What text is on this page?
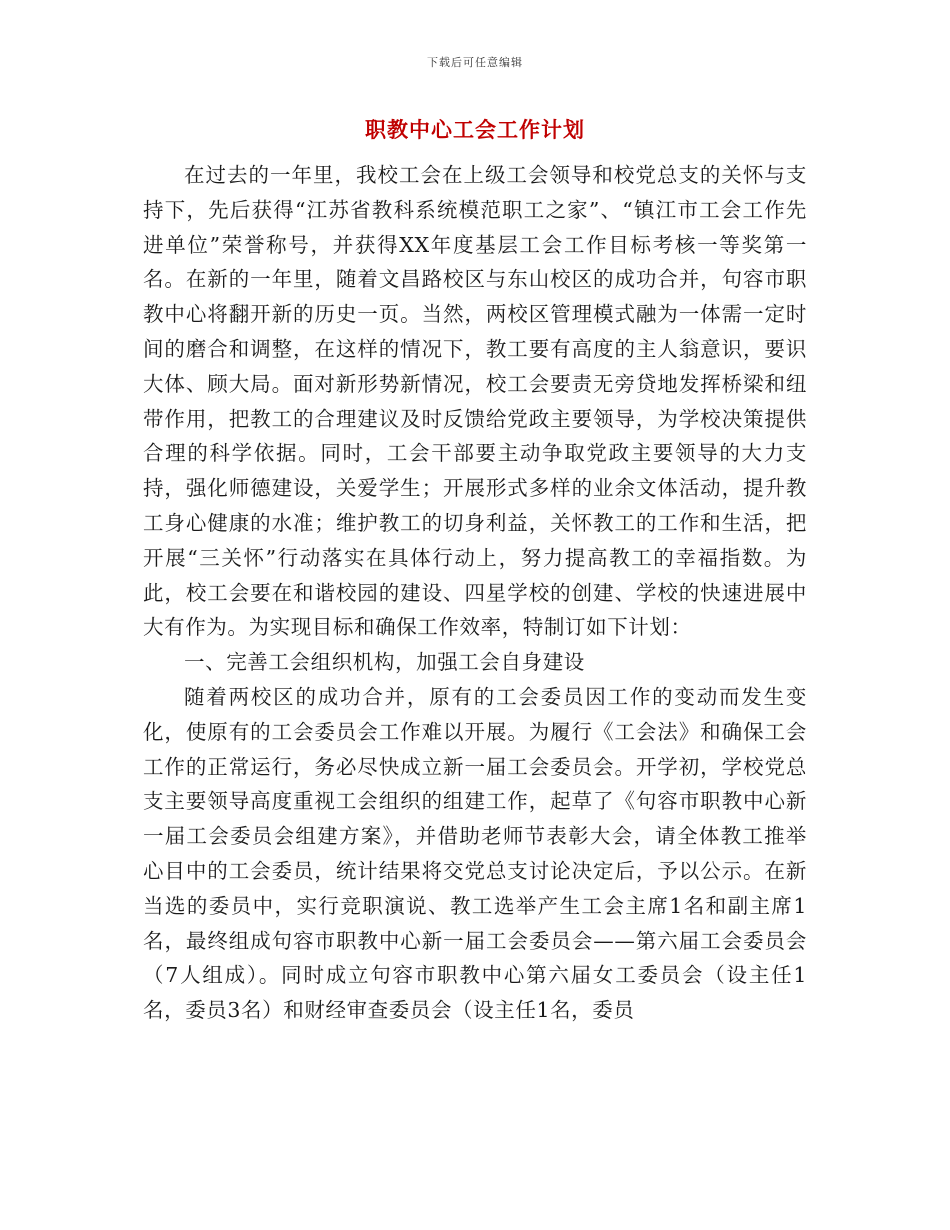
下载后可任意编辑
职教中心工会工作计划

在过去的一年里，我校工会在上级工会领导和校党总支的关怀与支持下，先后获得“江苏省教科系统模范职工之家”、“镇江市工会工作先进单位”荣誉称号，并获得XX年度基层工会工作目标考核一等奖第一名。在新的一年里，随着文昌路校区与东山校区的成功合并，句容市职教中心将翻开新的历史一页。当然，两校区管理模式融为一体需一定时间的磨合和调整，在这样的情况下，教工要有高度的主人翁意识，要识大体、顾大局。面对新形势新情况，校工会要责无旁贷地发挥桥梁和纽带作用，把教工的合理建议及时反馈给党政主要领导，为学校决策提供合理的科学依据。同时，工会干部要主动争取党政主要领导的大力支持，强化师德建设，关爱学生；开展形式多样的业余文体活动，提升教工身心健康的水准；维护教工的切身利益，关怀教工的工作和生活，把开展“三关怀”行动落实在具体行动上，努力提高教工的幸福指数。为此，校工会要在和谐校园的建设、四星学校的创建、学校的快速进展中大有作为。为实现目标和确保工作效率，特制订如下计划：

一、完善工会组织机构，加强工会自身建设

随着两校区的成功合并，原有的工会委员因工作的变动而发生变化，使原有的工会委员会工作难以开展。为履行《工会法》和确保工会工作的正常运行，务必尽快成立新一届工会委员会。开学初，学校党总支主要领导高度重视工会组织的组建工作，起草了《句容市职教中心新一届工会委员会组建方案》，并借助老师节表彰大会，请全体教工推举心目中的工会委员，统计结果将交党总支讨论决定后，予以公示。在新当选的委员中，实行竞职演说、教工选举产生工会主席1名和副主席1名，最终组成句容市职教中心新一届工会委员会——第六届工会委员会（7人组成）。同时成立句容市职教中心第六届女工委员会（设主任1名，委员3名）和财经审查委员会（设主任1名，委员
